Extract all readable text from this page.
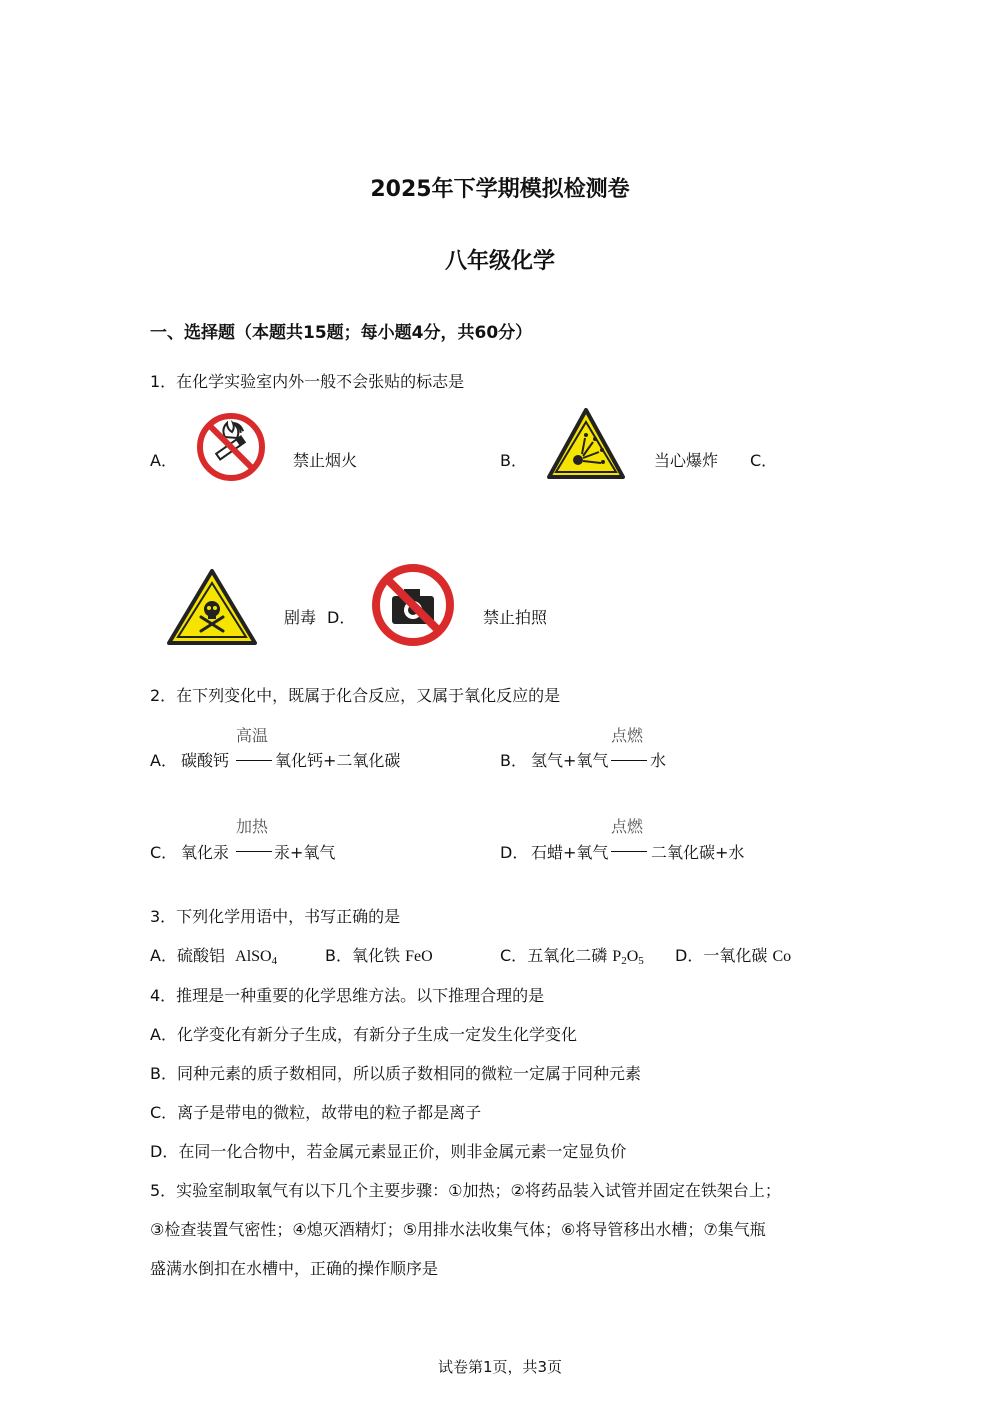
2025年下学期模拟检测卷
八年级化学
一、选择题（本题共15题；每小题4分，共60分）
1．在化学实验室内外一般不会张贴的标志是
A．	禁止烟火	B．	当心爆炸 C．
剧毒 D．	禁止拍照
2．在下列变化中，既属于化合反应，又属于氧化反应的是
高温
A． 碳酸钙	氧化钙+二氧化碳
点燃
B． 氢气+氧气	水
加热
C． 氧化汞	汞+氧气
点燃
D． 石蜡+氧气	二氧化碳+水
3．下列化学用语中，书写正确的是
A．硫酸铝 AlSO$_4$	B．氧化铁 FeO	C．五氧化二磷 $P_2O_5$ D．一氧化碳 Co
4．推理是一种重要的化学思维方法。以下推理合理的是
A．化学变化有新分子生成，有新分子生成一定发生化学变化
B．同种元素的质子数相同，所以质子数相同的微粒一定属于同种元素
C．离子是带电的微粒，故带电的粒子都是离子
D．在同一化合物中，若金属元素显正价，则非金属元素一定显负价
5．实验室制取氧气有以下几个主要步骤：①加热；②将药品装入试管并固定在铁架台上；
③检查装置气密性；④熄灭酒精灯；⑤用排水法收集气体；⑥将导管移出水槽；⑦集气瓶
盛满水倒扣在水槽中，正确的操作顺序是
试卷第1页，共3页
